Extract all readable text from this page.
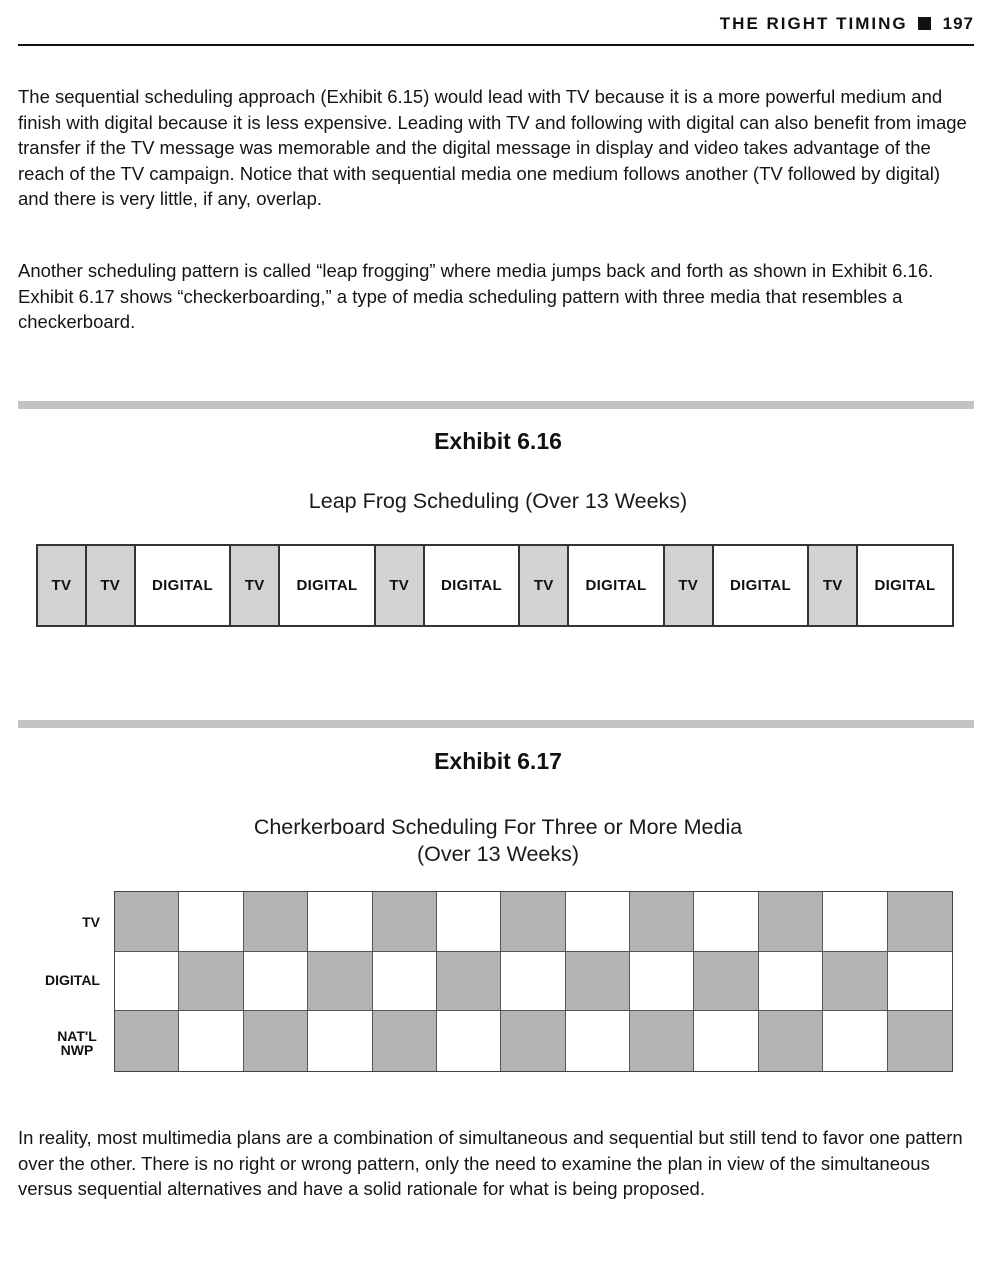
THE RIGHT TIMING 197

The sequential scheduling approach (Exhibit 6.15) would lead with TV because it is a more powerful medium and finish with digital because it is less expensive. Leading with TV and following with digital can also benefit from image transfer if the TV message was memorable and the digital message in display and video takes advantage of the reach of the TV campaign. Notice that with sequential media one medium follows another (TV followed by digital) and there is very little, if any, overlap.

Another scheduling pattern is called “leap frogging” where media jumps back and forth as shown in Exhibit 6.16. Exhibit 6.17 shows “checkerboarding,” a type of media scheduling pattern with three media that resembles a checkerboard.

Exhibit 6.16
Leap Frog Scheduling (Over 13 Weeks)
TV	TV	DIGITAL	TV	DIGITAL	TV	DIGITAL	TV	DIGITAL	TV	DIGITAL	TV	DIGITAL
Exhibit 6.17
Cherkerboard Scheduling For Three or More Media
(Over 13 Weeks)
TV
DIGITAL
NAT'L
NWP

In reality, most multimedia plans are a combination of simultaneous and sequential but still tend to favor one pattern over the other. There is no right or wrong pattern, only the need to examine the plan in view of the simultaneous versus sequential alternatives and have a solid rationale for what is being proposed.
